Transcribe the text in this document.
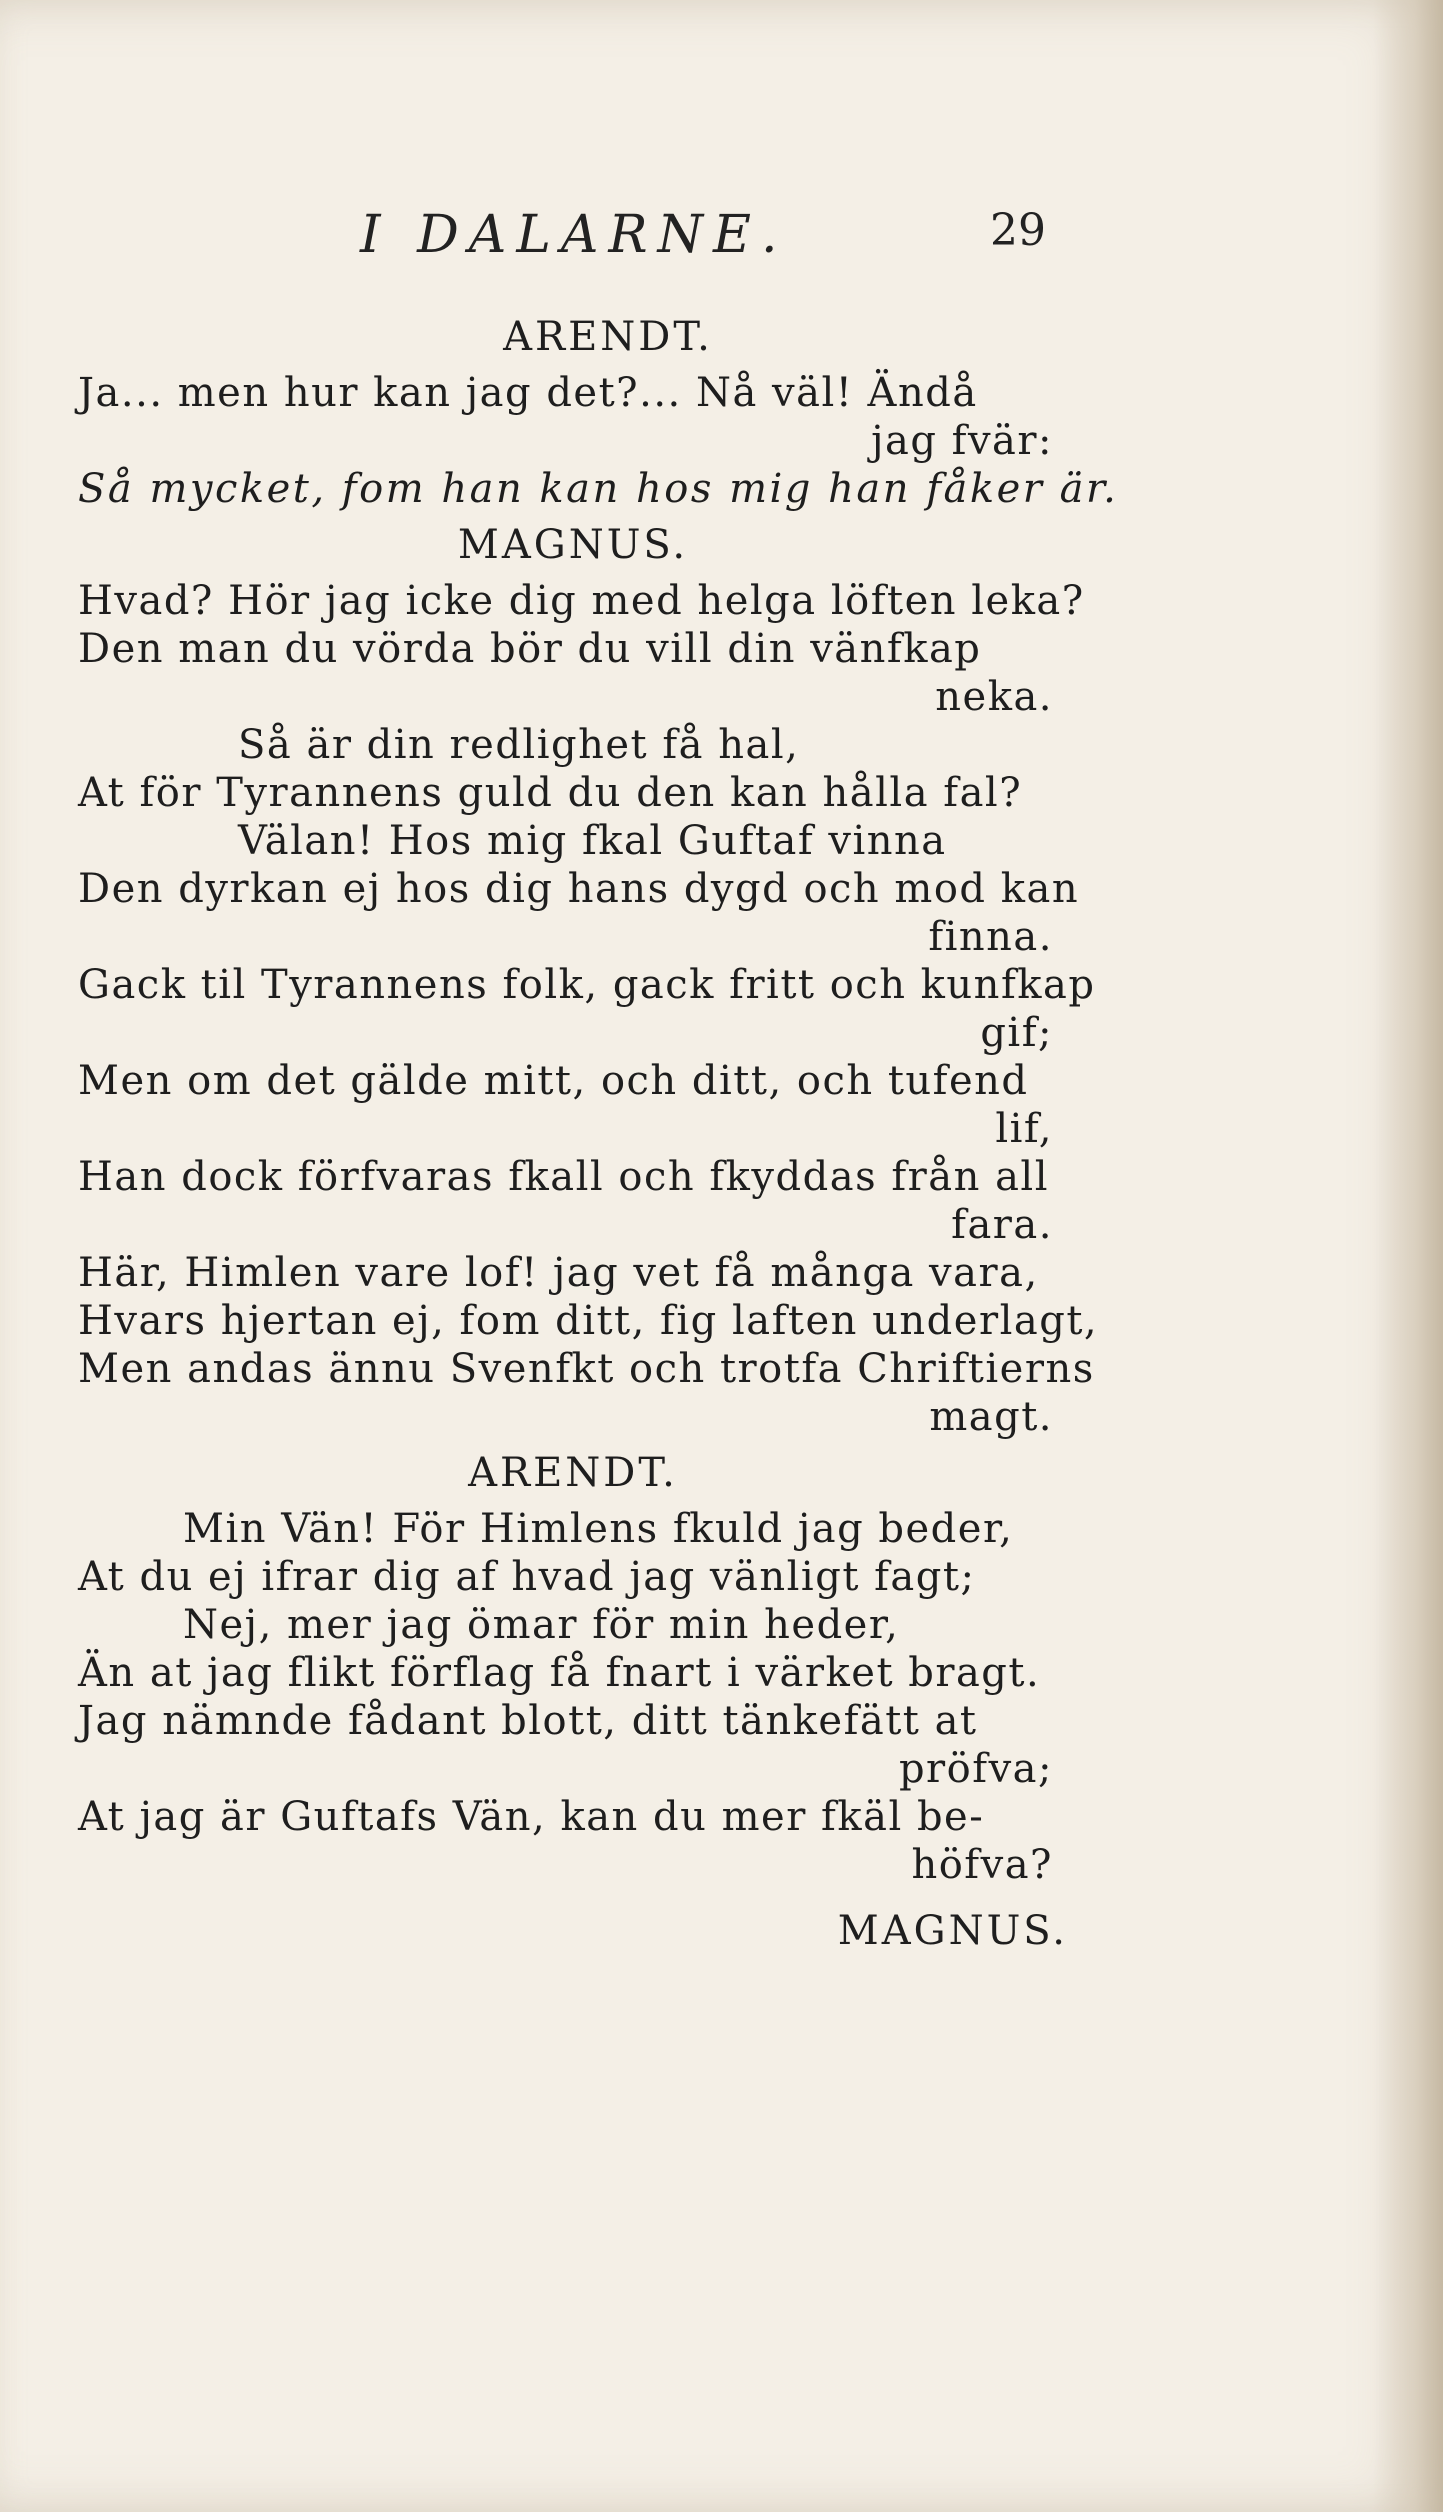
I DALARNE.	29
ARENDT.
Ja... men hur kan jag det?... Nå väl! Ändå
jag fvär:
Så mycket, fom han kan hos mig han fåker är.
MAGNUS.
Hvad? Hör jag icke dig med helga löften leka?
Den man du vörda bör du vill din vänfkap
neka.
Så är din redlighet få hal,
At för Tyrannens guld du den kan hålla fal?
Välan! Hos mig fkal Guftaf vinna
Den dyrkan ej hos dig hans dygd och mod kan
finna.
Gack til Tyrannens folk, gack fritt och kunfkap
gif;
Men om det gälde mitt, och ditt, och tufend
lif,
Han dock förfvaras fkall och fkyddas från all
fara.
Här, Himlen vare lof! jag vet få många vara,
Hvars hjertan ej, fom ditt, fig laften underlagt,
Men andas ännu Svenfkt och trotfa Chriftierns
magt.
ARENDT.
Min Vän! För Himlens fkuld jag beder,
At du ej ifrar dig af hvad jag vänligt fagt;
Nej, mer jag ömar för min heder,
Än at jag flikt förflag få fnart i värket bragt.
Jag nämnde fådant blott, ditt tänkefätt at
pröfva;
At jag är Guftafs Vän, kan du mer fkäl be-
höfva?
MAGNUS.
